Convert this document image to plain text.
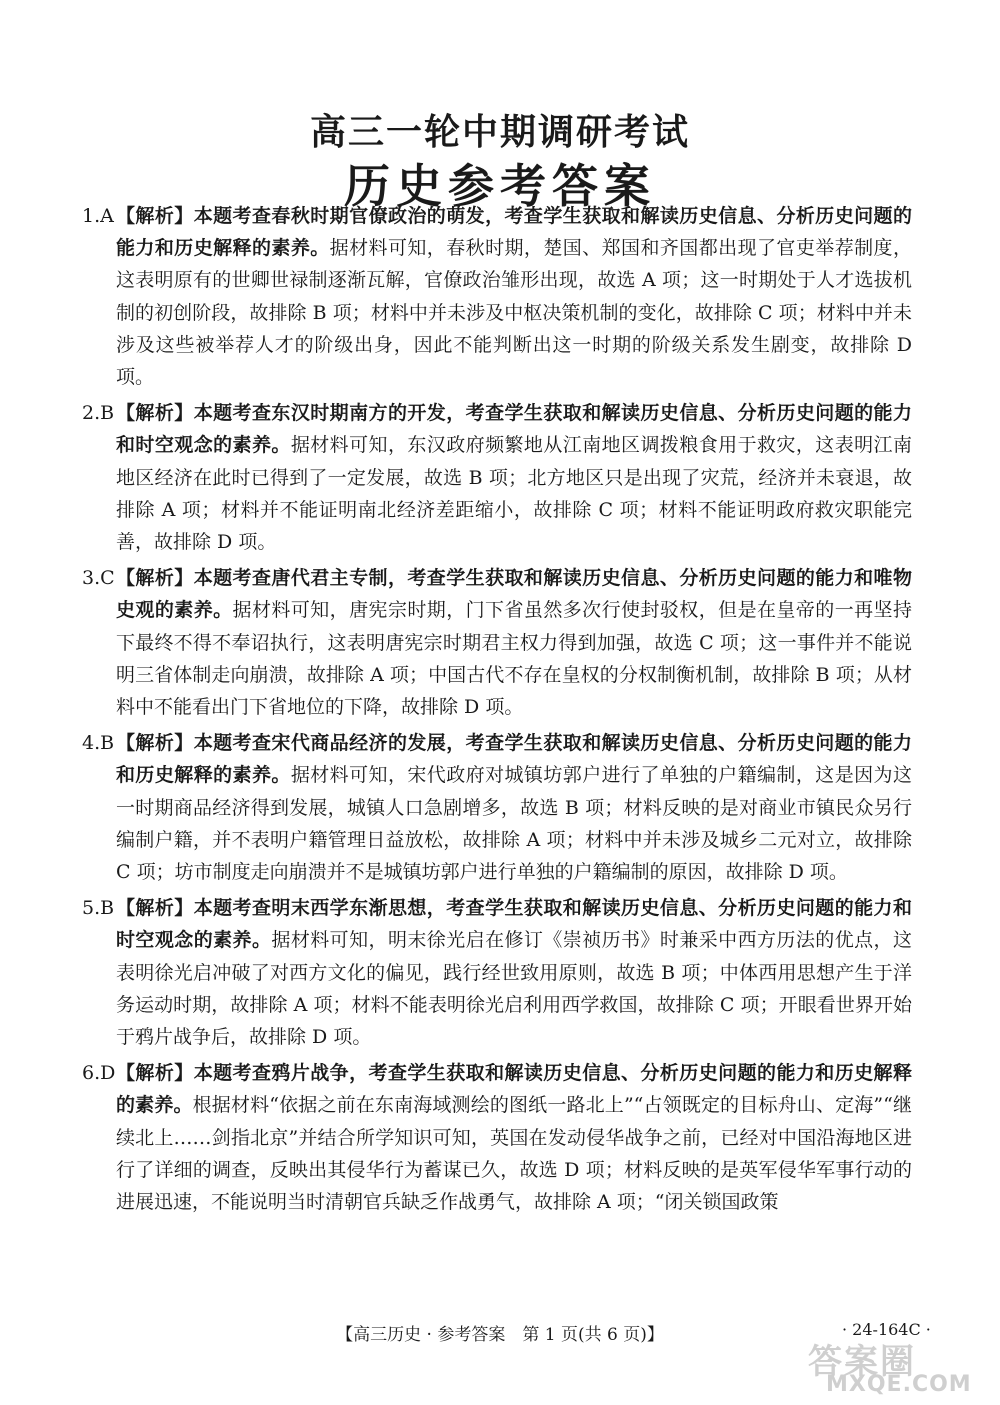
高三一轮中期调研考试
历史参考答案
1.A 【解析】本题考查春秋时期官僚政治的萌发，考查学生获取和解读历史信息、分析历史问题的能力和历史解释的素养。据材料可知，春秋时期，楚国、郑国和齐国都出现了官吏举荐制度，这表明原有的世卿世禄制逐渐瓦解，官僚政治雏形出现，故选 A 项；这一时期处于人才选拔机制的初创阶段，故排除 B 项；材料中并未涉及中枢决策机制的变化，故排除 C 项；材料中并未涉及这些被举荐人才的阶级出身，因此不能判断出这一时期的阶级关系发生剧变，故排除 D 项。
2.B 【解析】本题考查东汉时期南方的开发，考查学生获取和解读历史信息、分析历史问题的能力和时空观念的素养。据材料可知，东汉政府频繁地从江南地区调拨粮食用于救灾，这表明江南地区经济在此时已得到了一定发展，故选 B 项；北方地区只是出现了灾荒，经济并未衰退，故排除 A 项；材料并不能证明南北经济差距缩小，故排除 C 项；材料不能证明政府救灾职能完善，故排除 D 项。
3.C 【解析】本题考查唐代君主专制，考查学生获取和解读历史信息、分析历史问题的能力和唯物史观的素养。据材料可知，唐宪宗时期，门下省虽然多次行使封驳权，但是在皇帝的一再坚持下最终不得不奉诏执行，这表明唐宪宗时期君主权力得到加强，故选 C 项；这一事件并不能说明三省体制走向崩溃，故排除 A 项；中国古代不存在皇权的分权制衡机制，故排除 B 项；从材料中不能看出门下省地位的下降，故排除 D 项。
4.B 【解析】本题考查宋代商品经济的发展，考查学生获取和解读历史信息、分析历史问题的能力和历史解释的素养。据材料可知，宋代政府对城镇坊郭户进行了单独的户籍编制，这是因为这一时期商品经济得到发展，城镇人口急剧增多，故选 B 项；材料反映的是对商业市镇民众另行编制户籍，并不表明户籍管理日益放松，故排除 A 项；材料中并未涉及城乡二元对立，故排除 C 项；坊市制度走向崩溃并不是城镇坊郭户进行单独的户籍编制的原因，故排除 D 项。
5.B 【解析】本题考查明末西学东渐思想，考查学生获取和解读历史信息、分析历史问题的能力和时空观念的素养。据材料可知，明末徐光启在修订《崇祯历书》时兼采中西方历法的优点，这表明徐光启冲破了对西方文化的偏见，践行经世致用原则，故选 B 项；中体西用思想产生于洋务运动时期，故排除 A 项；材料不能表明徐光启利用西学救国，故排除 C 项；开眼看世界开始于鸦片战争后，故排除 D 项。
6.D 【解析】本题考查鸦片战争，考查学生获取和解读历史信息、分析历史问题的能力和历史解释的素养。根据材料“依据之前在东南海域测绘的图纸一路北上”“占领既定的目标舟山、定海”“继续北上……剑指北京”并结合所学知识可知，英国在发动侵华战争之前，已经对中国沿海地区进行了详细的调查，反映出其侵华行为蓄谋已久，故选 D 项；材料反映的是英军侵华军事行动的进展迅速，不能说明当时清朝官兵缺乏作战勇气，故排除 A 项；“闭关锁国政策
【高三历史 · 参考答案　第 1 页(共 6 页)】	· 24-164C ·
答案圈
MXQE.COM
